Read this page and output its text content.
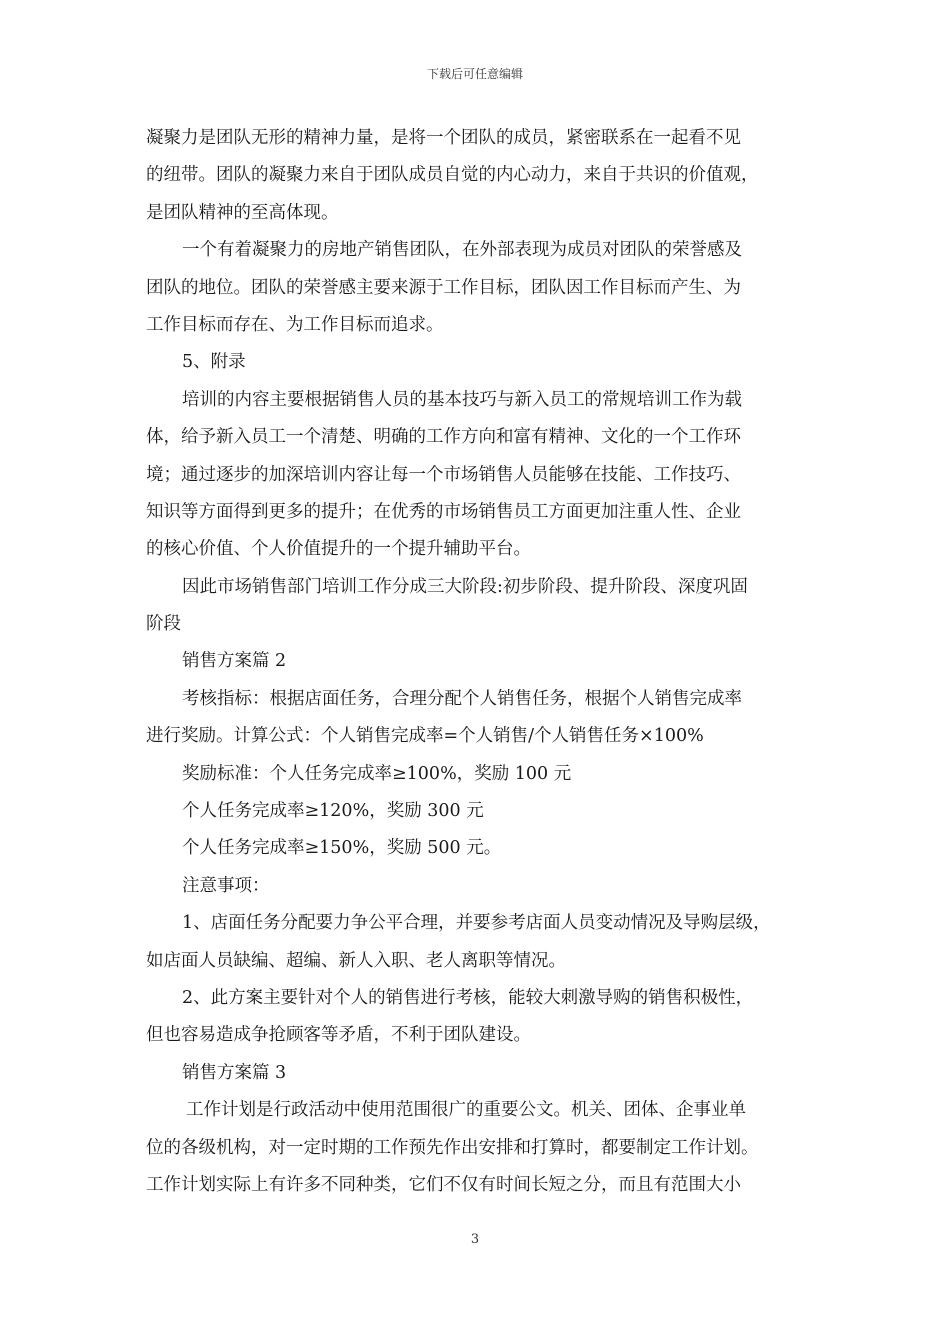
下载后可任意编辑
凝聚力是团队无形的精神力量，是将一个团队的成员，紧密联系在一起看不见
的纽带。团队的凝聚力来自于团队成员自觉的内心动力，来自于共识的价值观，
是团队精神的至高体现。
一个有着凝聚力的房地产销售团队，在外部表现为成员对团队的荣誉感及
团队的地位。团队的荣誉感主要来源于工作目标，团队因工作目标而产生、为
工作目标而存在、为工作目标而追求。
5、附录
培训的内容主要根据销售人员的基本技巧与新入员工的常规培训工作为载
体，给予新入员工一个清楚、明确的工作方向和富有精神、文化的一个工作环
境；通过逐步的加深培训内容让每一个市场销售人员能够在技能、工作技巧、
知识等方面得到更多的提升；在优秀的市场销售员工方面更加注重人性、企业
的核心价值、个人价值提升的一个提升辅助平台。
因此市场销售部门培训工作分成三大阶段:初步阶段、提升阶段、深度巩固
阶段
销售方案篇 2
考核指标：根据店面任务，合理分配个人销售任务，根据个人销售完成率
进行奖励。计算公式：个人销售完成率=个人销售/个人销售任务×100%
奖励标准：个人任务完成率≥100%，奖励 100 元
个人任务完成率≥120%，奖励 300 元
个人任务完成率≥150%，奖励 500 元。
注意事项：
1、店面任务分配要力争公平合理，并要参考店面人员变动情况及导购层级，
如店面人员缺编、超编、新人入职、老人离职等情况。
2、此方案主要针对个人的销售进行考核，能较大刺激导购的销售积极性，
但也容易造成争抢顾客等矛盾，不利于团队建设。
销售方案篇 3
工作计划是行政活动中使用范围很广的重要公文。机关、团体、企事业单
位的各级机构，对一定时期的工作预先作出安排和打算时，都要制定工作计划。
工作计划实际上有许多不同种类，它们不仅有时间长短之分，而且有范围大小
3
